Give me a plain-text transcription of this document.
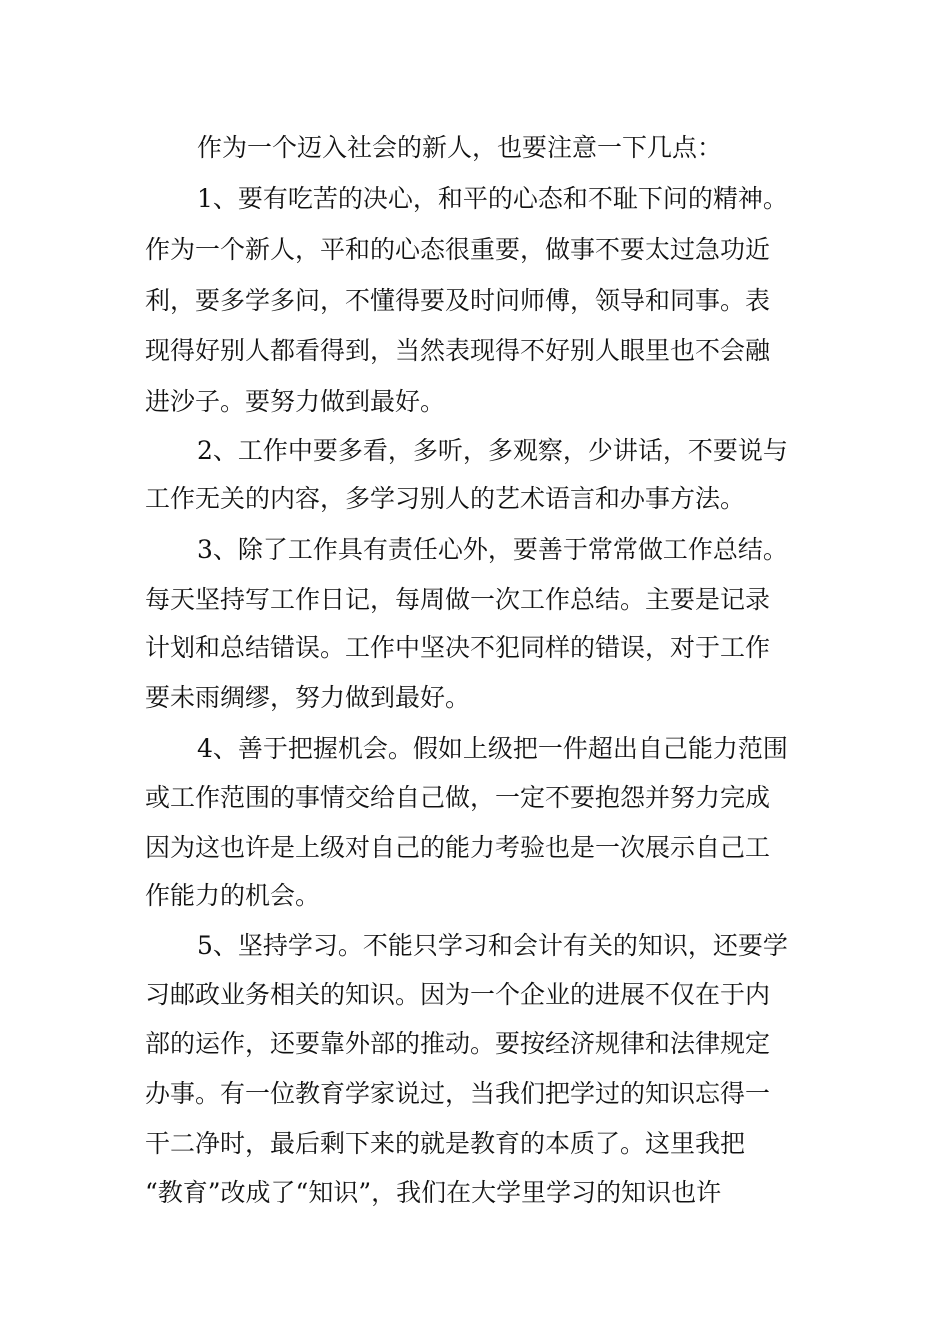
作为一个迈入社会的新人，也要注意一下几点：
1、要有吃苦的决心，和平的心态和不耻下问的精神。
作为一个新人，平和的心态很重要，做事不要太过急功近
利，要多学多问，不懂得要及时问师傅，领导和同事。表
现得好别人都看得到，当然表现得不好别人眼里也不会融
进沙子。要努力做到最好。
2、工作中要多看，多听，多观察，少讲话，不要说与
工作无关的内容，多学习别人的艺术语言和办事方法。
3、除了工作具有责任心外，要善于常常做工作总结。
每天坚持写工作日记，每周做一次工作总结。主要是记录
计划和总结错误。工作中坚决不犯同样的错误，对于工作
要未雨绸缪，努力做到最好。
4、善于把握机会。假如上级把一件超出自己能力范围
或工作范围的事情交给自己做，一定不要抱怨并努力完成
因为这也许是上级对自己的能力考验也是一次展示自己工
作能力的机会。
5、坚持学习。不能只学习和会计有关的知识，还要学
习邮政业务相关的知识。因为一个企业的进展不仅在于内
部的运作，还要靠外部的推动。要按经济规律和法律规定
办事。有一位教育学家说过，当我们把学过的知识忘得一
干二净时，最后剩下来的就是教育的本质了。这里我把
“教育”改成了“知识”，我们在大学里学习的知识也许
